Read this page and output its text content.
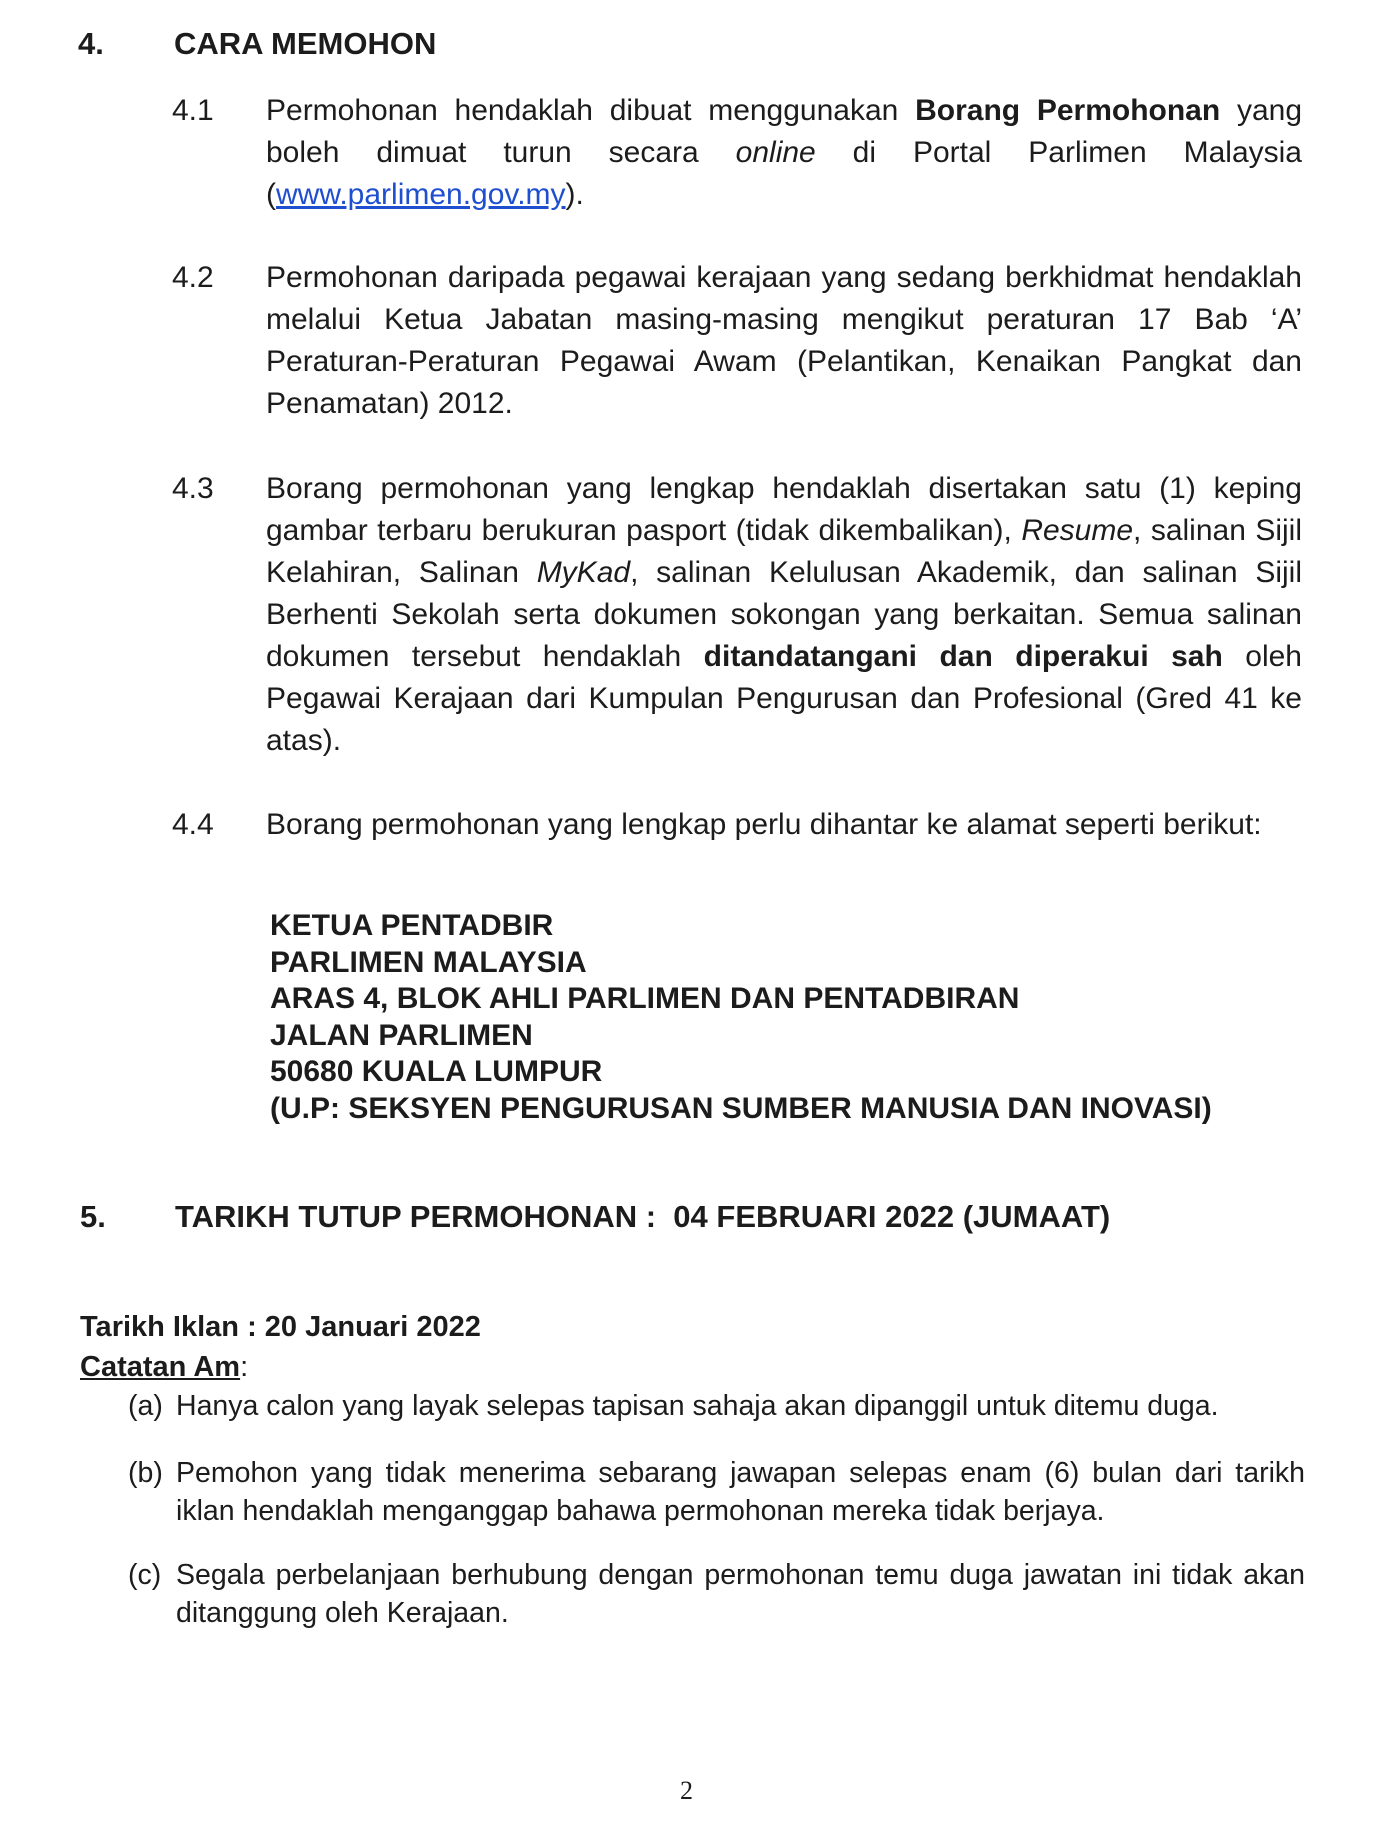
4. CARA MEMOHON
4.1	Permohonan hendaklah dibuat menggunakan Borang Permohonan yang boleh dimuat turun secara online di Portal Parlimen Malaysia (www.parlimen.gov.my).
4.2	Permohonan daripada pegawai kerajaan yang sedang berkhidmat hendaklah melalui Ketua Jabatan masing-masing mengikut peraturan 17 Bab ‘A’ Peraturan-Peraturan Pegawai Awam (Pelantikan, Kenaikan Pangkat dan Penamatan) 2012.
4.3	Borang permohonan yang lengkap hendaklah disertakan satu (1) keping gambar terbaru berukuran pasport (tidak dikembalikan), Resume, salinan Sijil Kelahiran, Salinan MyKad, salinan Kelulusan Akademik, dan salinan Sijil Berhenti Sekolah serta dokumen sokongan yang berkaitan. Semua salinan dokumen tersebut hendaklah ditandatangani dan diperakui sah oleh Pegawai Kerajaan dari Kumpulan Pengurusan dan Profesional (Gred 41 ke atas).
4.4	Borang permohonan yang lengkap perlu dihantar ke alamat seperti berikut:
KETUA PENTADBIR
PARLIMEN MALAYSIA
ARAS 4, BLOK AHLI PARLIMEN DAN PENTADBIRAN
JALAN PARLIMEN
50680 KUALA LUMPUR
(U.P: SEKSYEN PENGURUSAN SUMBER MANUSIA DAN INOVASI)
5. TARIKH TUTUP PERMOHONAN :  04 FEBRUARI 2022 (JUMAAT)
Tarikh Iklan : 20 Januari 2022
Catatan Am:
(a) Hanya calon yang layak selepas tapisan sahaja akan dipanggil untuk ditemu duga.
(b) Pemohon yang tidak menerima sebarang jawapan selepas enam (6) bulan dari tarikh iklan hendaklah menganggap bahawa permohonan mereka tidak berjaya.
(c) Segala perbelanjaan berhubung dengan permohonan temu duga jawatan ini tidak akan ditanggung oleh Kerajaan.
2
